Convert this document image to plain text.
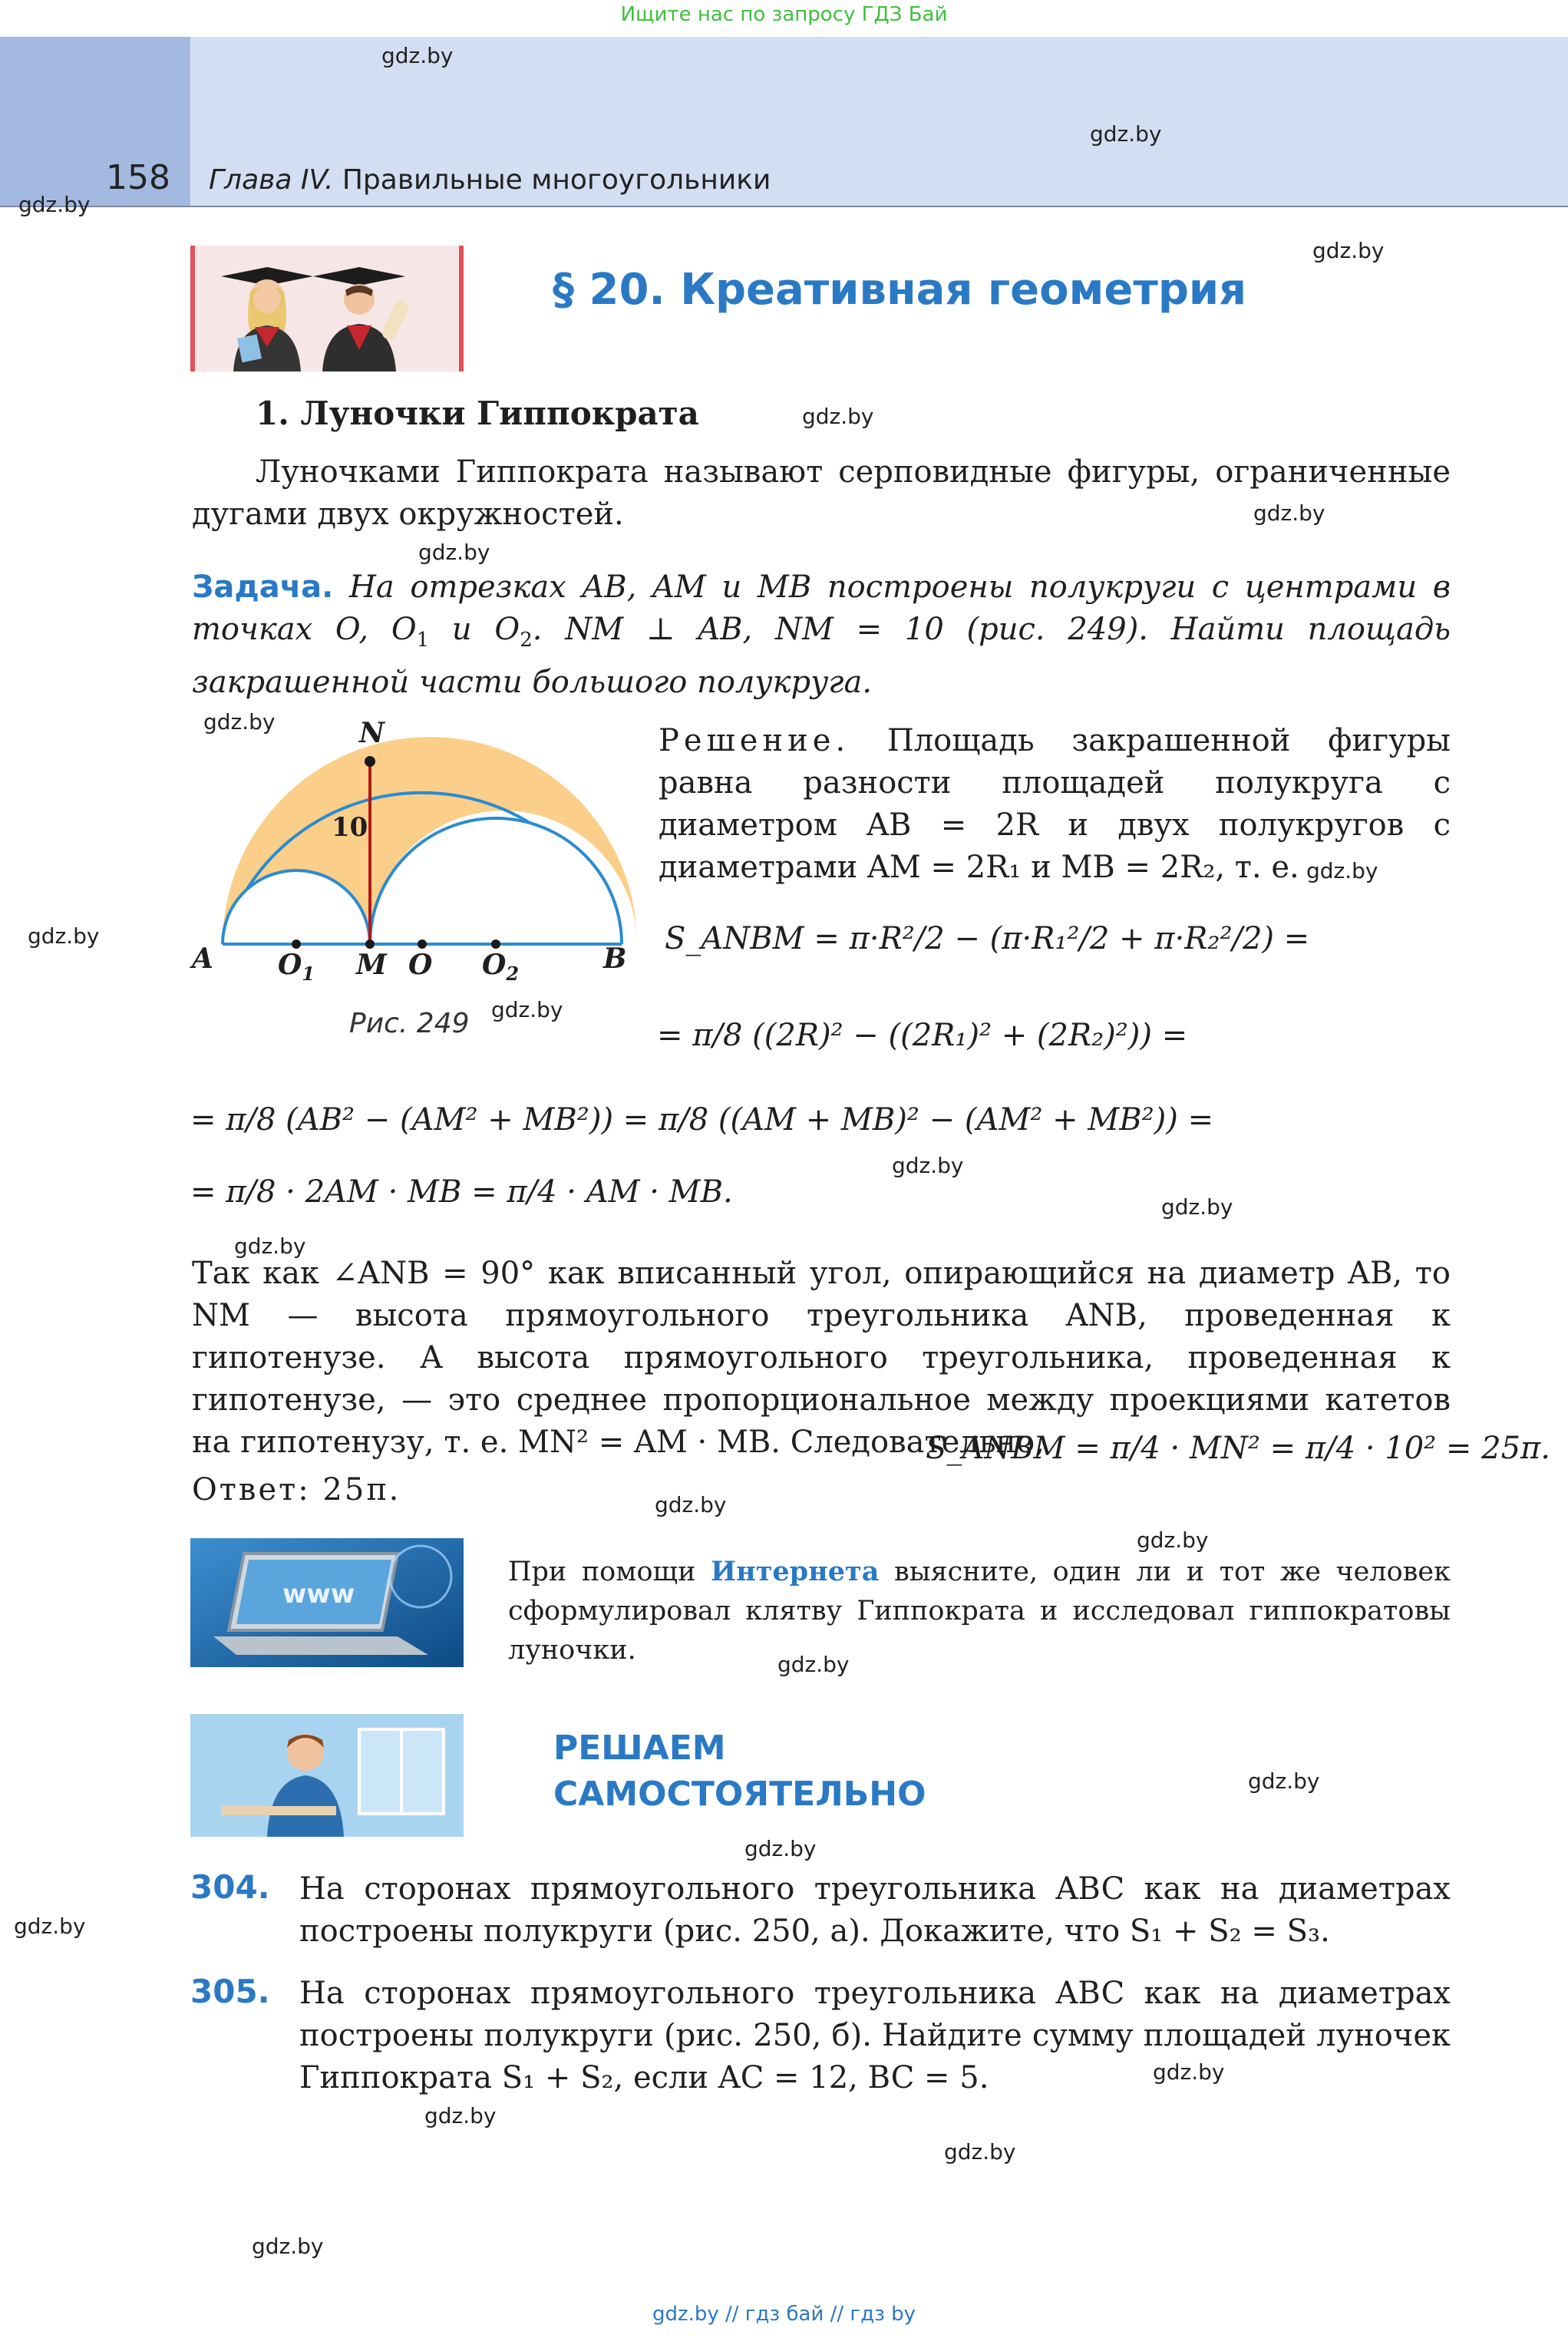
Ищите нас по запросу ГДЗ Бай
158 Глава IV. Правильные многоугольники
gdz.by
gdz.by
gdz.by
gdz.by
gdz.by
gdz.by
gdz.by
gdz.by
gdz.by
gdz.by
gdz.by
gdz.by
gdz.by
gdz.by
gdz.by
gdz.by
gdz.by
gdz.by
gdz.by
gdz.by
gdz.by
gdz.by
gdz.by
gdz.by
§ 20. Креативная геометрия
1. Луночки Гиппократа
Луночками Гиппократа называют серповидные фигуры, ограниченные дугами двух окружностей.
Задача. На отрезках AB, AM и MB построены полукруги с центрами в точках O, $O_1$ и $O_2$. NM ⊥ AB, NM = 10 (рис. 249). Найти площадь закрашенной части большого полукруга.
N
10
A $O_1$ M O $O_2$	B
Рис. 249
Решение. Площадь закрашенной фигуры равна разности площадей полукруга с диаметром AB = 2R и двух полукругов с диаметрами AM = 2R₁ и MB = 2R₂, т. е.
S_ANBM = π·R²/2 − (π·R₁²/2 + π·R₂²/2) =
= π/8 ((2R)² − ((2R₁)² + (2R₂)²)) =
= π/8 (AB² − (AM² + MB²)) = π/8 ((AM + MB)² − (AM² + MB²)) =
= π/8 · 2AM · MB = π/4 · AM · MB.
Так как ∠ANB = 90° как вписанный угол, опирающийся на диаметр AB, то NM — высота прямоугольного треугольника ANB, проведенная к гипотенузе. А высота прямоугольного треугольника, проведенная к гипотенузе, — это среднее пропорциональное между проекциями катетов на гипотенузу, т. е. MN² = AM · MB. Следовательно,
S_ANBM = π/4 · MN² = π/4 · 10² = 25π.
Ответ: 25π.
www
При помощи Интернета выясните, один ли и тот же человек сформулировал клятву Гиппократа и исследовал гиппократовы луночки.
РЕШАЕМ
САМОСТОЯТЕЛЬНО
304. На сторонах прямоугольного треугольника ABC как на диаметрах построены полукруги (рис. 250, а). Докажите, что S₁ + S₂ = S₃.
305. На сторонах прямоугольного треугольника ABC как на диаметрах построены полукруги (рис. 250, б). Найдите сумму площадей луночек Гиппократа S₁ + S₂, если AC = 12, BC = 5.
gdz.by // гдз бай // гдз by
